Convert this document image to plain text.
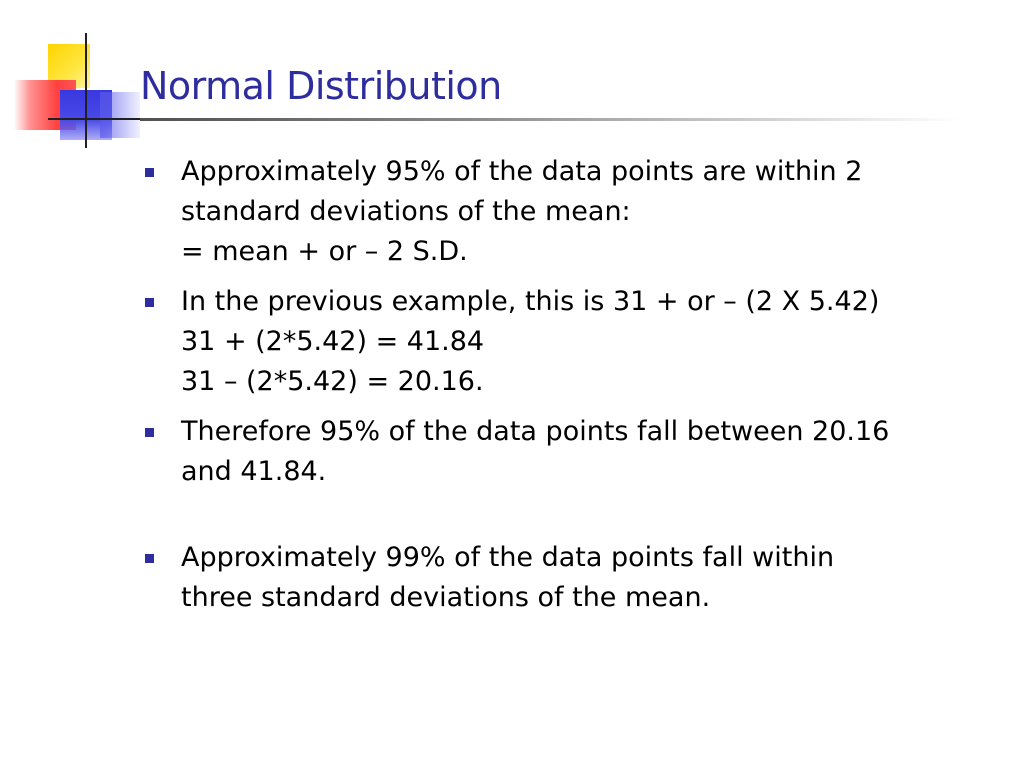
Normal Distribution
Approximately 95% of the data points are within 2
standard deviations of the mean:
= mean + or – 2 S.D.
In the previous example, this is 31 + or – (2 X 5.42)
31 + (2*5.42) = 41.84
31 – (2*5.42) = 20.16.
Therefore 95% of the data points fall between 20.16
and 41.84.
Approximately 99% of the data points fall within
three standard deviations of the mean.
